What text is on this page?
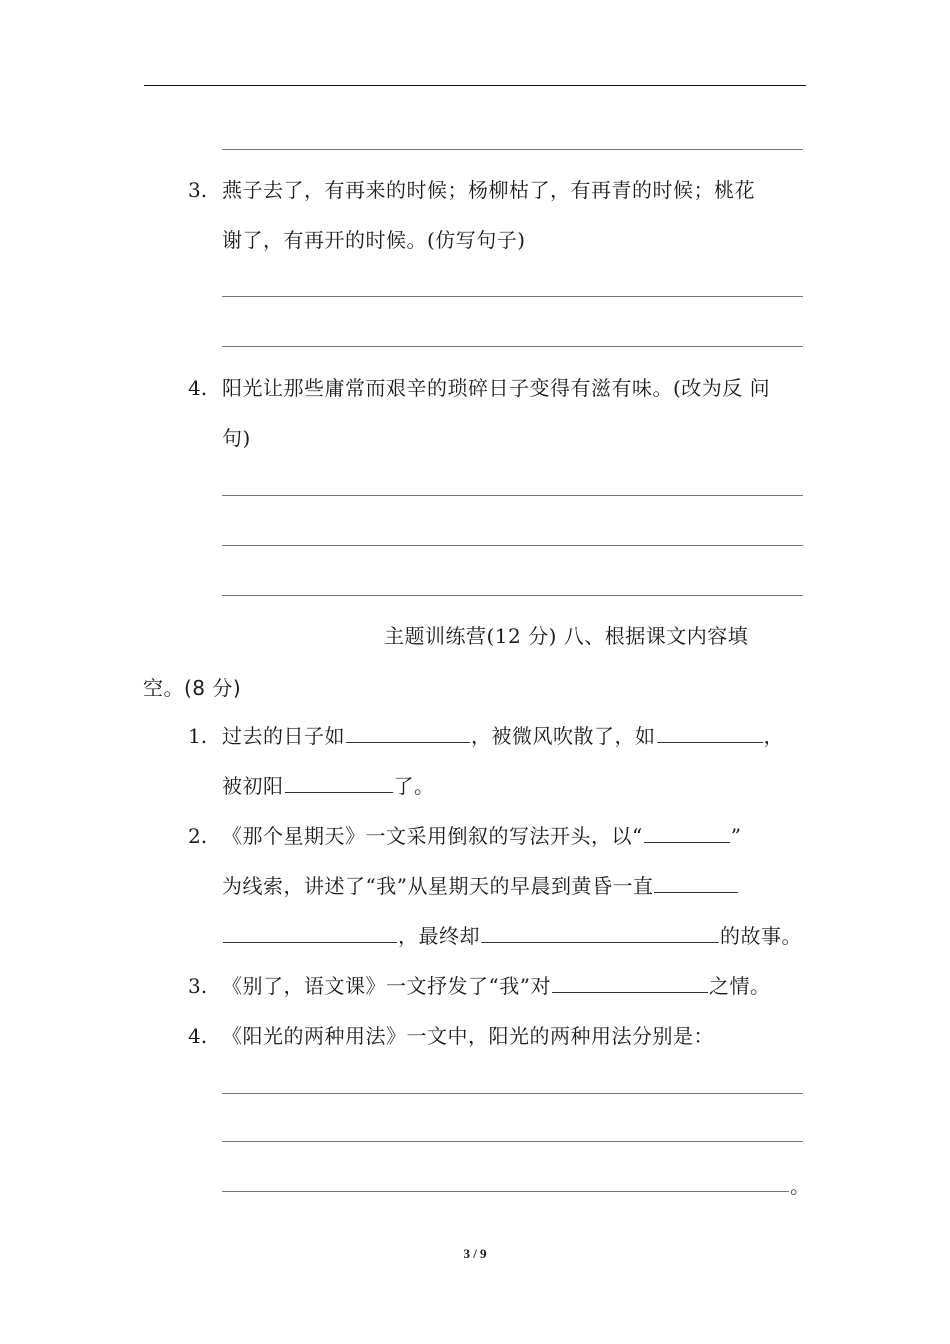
3. 燕子去了，有再来的时候；杨柳枯了，有再青的时候；桃花
谢了，有再开的时候。(仿写句子)
4. 阳光让那些庸常而艰辛的琐碎日子变得有滋有味。(改为反 问
句)
主题训练营(12 分) 八、根据课文内容填
空。(8 分)
1. 过去的日子如	，被微风吹散了，如	，
被初阳	了。
2. 《那个星期天》一文采用倒叙的写法开头，以“	”
为线索，讲述了“我”从星期天的早晨到黄昏一直
，最终却	的故事。
3. 《别了，语文课》一文抒发了“我”对	之情。
4. 《阳光的两种用法》一文中，阳光的两种用法分别是：
。
3 / 9
